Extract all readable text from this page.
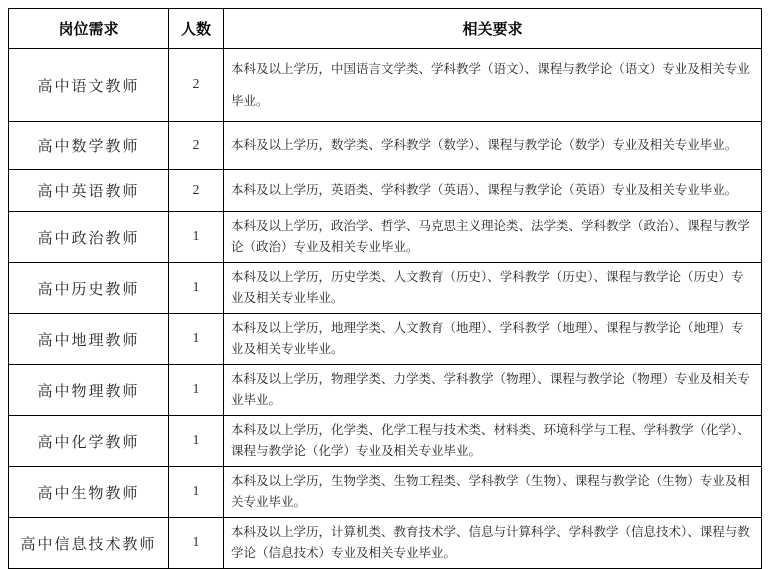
岗位需求	人数	相关要求
高中语文教师	2	本科及以上学历，中国语言文学类、学科教学（语文）、课程与教学论（语文）专业及相关专业毕业。
高中数学教师	2	本科及以上学历，数学类、学科教学（数学）、课程与教学论（数学）专业及相关专业毕业。
高中英语教师	2	本科及以上学历，英语类、学科教学（英语）、课程与教学论（英语）专业及相关专业毕业。
高中政治教师	1	本科及以上学历，政治学、哲学、马克思主义理论类、法学类、学科教学（政治）、课程与教学论（政治）专业及相关专业毕业。
高中历史教师	1	本科及以上学历，历史学类、人文教育（历史）、学科教学（历史）、课程与教学论（历史）专业及相关专业毕业。
高中地理教师	1	本科及以上学历，地理学类、人文教育（地理）、学科教学（地理）、课程与教学论（地理）专业及相关专业毕业。
高中物理教师	1	本科及以上学历，物理学类、力学类、学科教学（物理）、课程与教学论（物理）专业及相关专业毕业。
高中化学教师	1	本科及以上学历，化学类、化学工程与技术类、材料类、环境科学与工程、学科教学（化学）、课程与教学论（化学）专业及相关专业毕业。
高中生物教师	1	本科及以上学历，生物学类、生物工程类、学科教学（生物）、课程与教学论（生物）专业及相关专业毕业。
高中信息技术教师	1	本科及以上学历，计算机类、教育技术学、信息与计算科学、学科教学（信息技术）、课程与教学论（信息技术）专业及相关专业毕业。
